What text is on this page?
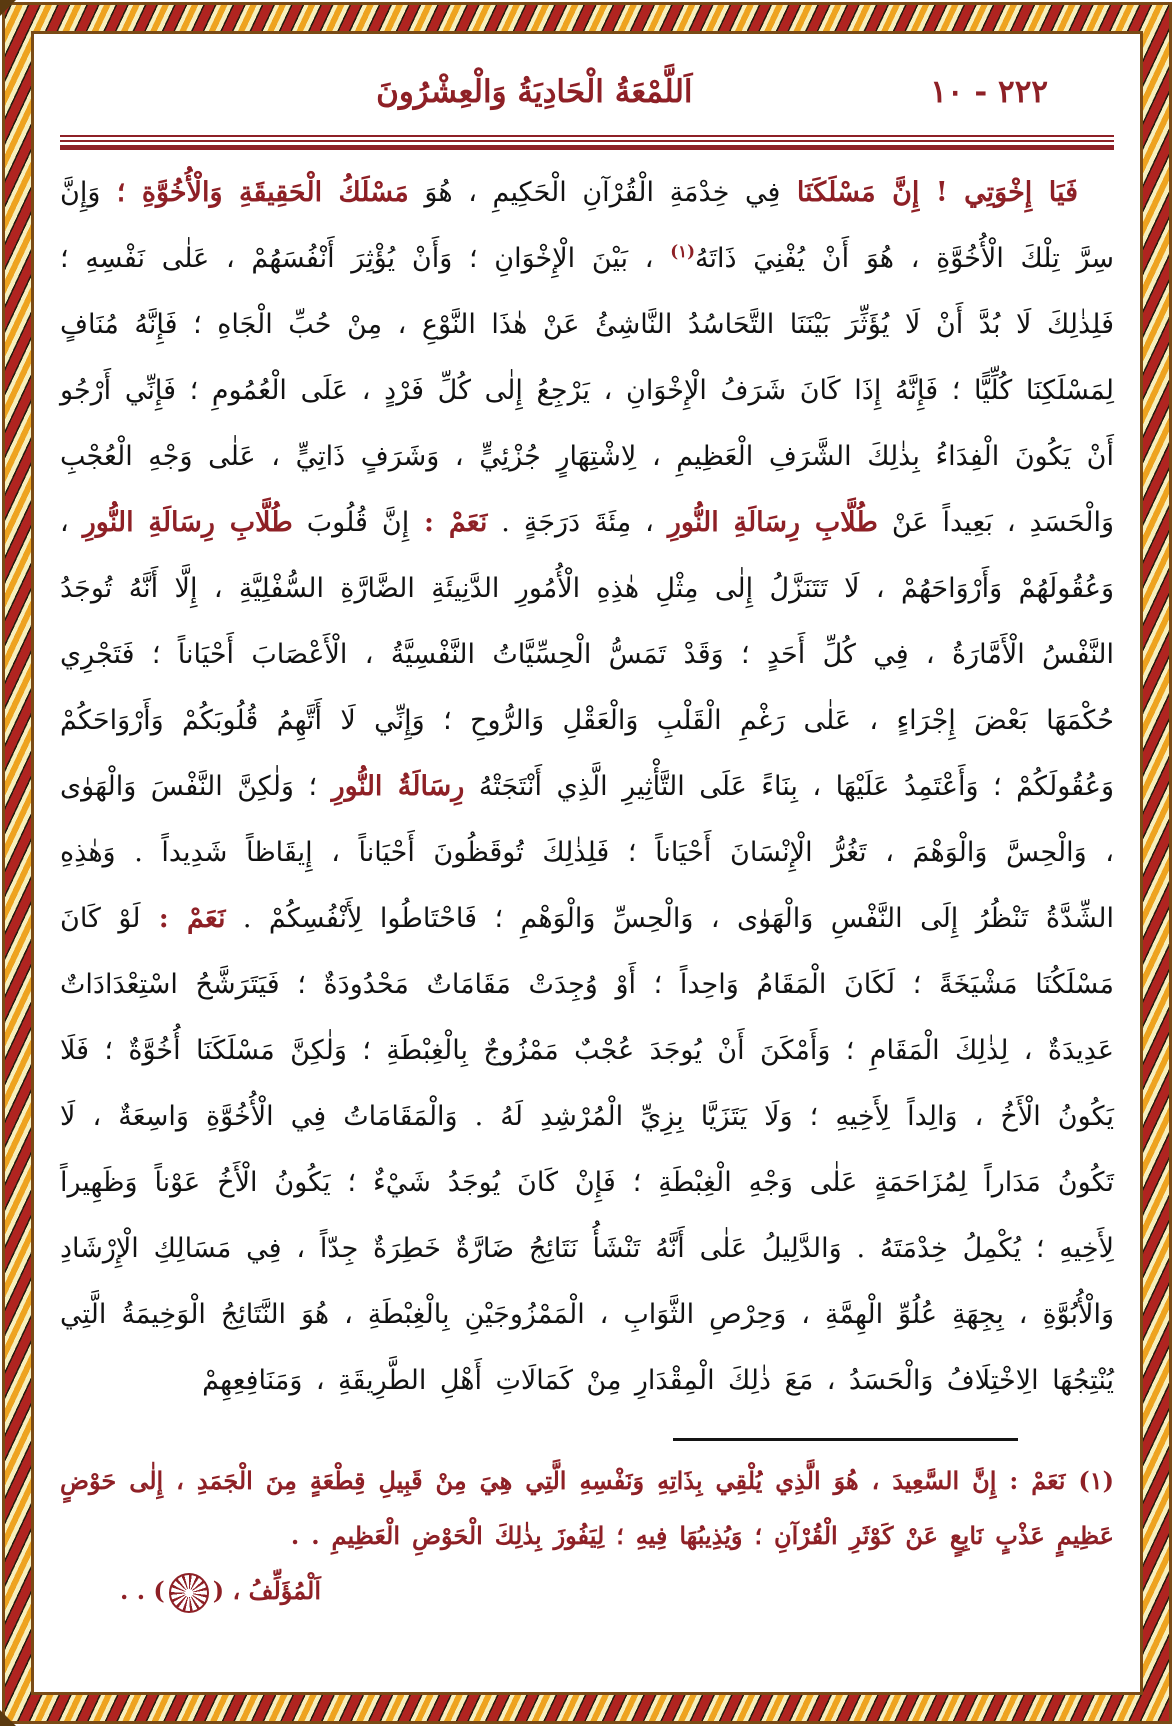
٢٢٢ - ١٠
اَللَّمْعَةُ الْحَادِيَةُ وَالْعِشْرُونَ
فَيَا إِخْوَتِي ! إِنَّ مَسْلَكَنَا فِي خِدْمَةِ الْقُرْآنِ الْحَكِيمِ ، هُوَ مَسْلَكُ الْحَقِيقَةِ وَالْأُخُوَّةِ ؛ وَإِنَّ سِرَّ تِلْكَ الْأُخُوَّةِ ، هُوَ أَنْ يُفْنِيَ ذَاتَهُ$^{(١)}$ ، بَيْنَ الْإِخْوَانِ ؛ وَأَنْ يُؤْثِرَ أَنْفُسَهُمْ ، عَلٰى نَفْسِهِ ؛ فَلِذٰلِكَ لَا بُدَّ أَنْ لَا يُؤَثِّرَ بَيْنَنَا التَّحَاسُدُ النَّاشِئُ عَنْ هٰذَا النَّوْعِ ، مِنْ حُبِّ الْجَاهِ ؛ فَإِنَّهُ مُنَافٍ لِمَسْلَكِنَا كُلِّيًّا ؛ فَإِنَّهُ إِذَا كَانَ شَرَفُ الْإِخْوَانِ ، يَرْجِعُ إِلٰى كُلِّ فَرْدٍ ، عَلَى الْعُمُومِ ؛ فَإِنِّي أَرْجُو أَنْ يَكُونَ الْفِدَاءُ بِذٰلِكَ الشَّرَفِ الْعَظِيمِ ، لِاشْتِهَارٍ جُزْئِيٍّ ، وَشَرَفٍ ذَاتِيٍّ ، عَلٰى وَجْهِ الْعُجْبِ وَالْحَسَدِ ، بَعِيداً عَنْ طُلَّابِ رِسَالَةِ النُّورِ ، مِئَةَ دَرَجَةٍ . نَعَمْ : إِنَّ قُلُوبَ طُلَّابِ رِسَالَةِ النُّورِ ، وَعُقُولَهُمْ وَأَرْوَاحَهُمْ ، لَا تَتَنَزَّلُ إِلٰى مِثْلِ هٰذِهِ الْأُمُورِ الدَّنِيئَةِ الضَّارَّةِ السُّفْلِيَّةِ ، إِلَّا أَنَّهُ تُوجَدُ النَّفْسُ الْأَمَّارَةُ ، فِي كُلِّ أَحَدٍ ؛ وَقَدْ تَمَسُّ الْحِسِّيَّاتُ النَّفْسِيَّةُ ، الْأَعْصَابَ أَحْيَاناً ؛ فَتَجْرِي حُكْمَهَا بَعْضَ إِجْرَاءٍ ، عَلٰى رَغْمِ الْقَلْبِ وَالْعَقْلِ وَالرُّوحِ ؛ وَإِنِّي لَا أَتَّهِمُ قُلُوبَكُمْ وَأَرْوَاحَكُمْ وَعُقُولَكُمْ ؛ وَأَعْتَمِدُ عَلَيْهَا ، بِنَاءً عَلَى التَّأْثِيرِ الَّذِي أَنْتَجَتْهُ رِسَالَةُ النُّورِ ؛ وَلٰكِنَّ النَّفْسَ وَالْهَوٰى ، وَالْحِسَّ وَالْوَهْمَ ، تَغُرُّ الْإِنْسَانَ أَحْيَاناً ؛ فَلِذٰلِكَ تُوقَظُونَ أَحْيَاناً ، إِيقَاظاً شَدِيداً . وَهٰذِهِ الشِّدَّةُ تَنْظُرُ إِلَى النَّفْسِ وَالْهَوٰى ، وَالْحِسِّ وَالْوَهْمِ ؛ فَاحْتَاطُوا لِأَنْفُسِكُمْ . نَعَمْ : لَوْ كَانَ مَسْلَكُنَا مَشْيَخَةً ؛ لَكَانَ الْمَقَامُ وَاحِداً ؛ أَوْ وُجِدَتْ مَقَامَاتٌ مَحْدُودَةٌ ؛ فَيَتَرَشَّحُ اسْتِعْدَادَاتٌ عَدِيدَةٌ ، لِذٰلِكَ الْمَقَامِ ؛ وَأَمْكَنَ أَنْ يُوجَدَ عُجْبٌ مَمْزُوجٌ بِالْغِبْطَةِ ؛ وَلٰكِنَّ مَسْلَكَنَا أُخُوَّةٌ ؛ فَلَا يَكُونُ الْأَخُ ، وَالِداً لِأَخِيهِ ؛ وَلَا يَتَزَيَّا بِزِيِّ الْمُرْشِدِ لَهُ . وَالْمَقَامَاتُ فِي الْأُخُوَّةِ وَاسِعَةٌ ، لَا تَكُونُ مَدَاراً لِمُزَاحَمَةٍ عَلٰى وَجْهِ الْغِبْطَةِ ؛ فَإِنْ كَانَ يُوجَدُ شَيْءٌ ؛ يَكُونُ الْأَخُ عَوْناً وَظَهِيراً لِأَخِيهِ ؛ يُكْمِلُ خِدْمَتَهُ . وَالدَّلِيلُ عَلٰى أَنَّهُ تَنْشَأُ نَتَائِجُ ضَارَّةٌ خَطِرَةٌ جِدّاً ، فِي مَسَالِكِ الْإِرْشَادِ وَالْأُبُوَّةِ ، بِجِهَةِ عُلُوِّ الْهِمَّةِ ، وَحِرْصِ الثَّوَابِ ، الْمَمْزُوجَيْنِ بِالْغِبْطَةِ ، هُوَ النَّتَائِجُ الْوَخِيمَةُ الَّتِي يُنْتِجُهَا الِاخْتِلَافُ وَالْحَسَدُ ، مَعَ ذٰلِكَ الْمِقْدَارِ مِنْ كَمَالَاتِ أَهْلِ الطَّرِيقَةِ ، وَمَنَافِعِهِمْ
(١) نَعَمْ : إِنَّ السَّعِيدَ ، هُوَ الَّذِي يُلْقِي بِذَاتِهِ وَنَفْسِهِ الَّتِي هِيَ مِنْ قَبِيلِ قِطْعَةٍ مِنَ الْجَمَدِ ، إِلٰى حَوْضٍ عَظِيمٍ عَذْبٍ نَابِعٍ عَنْ كَوْثَرِ الْقُرْآنِ ؛ وَيُذِيبُهَا فِيهِ ؛ لِيَفُوزَ بِذٰلِكَ الْحَوْضِ الْعَظِيمِ . .
اَلْمُؤَلِّفُ ، () . .
